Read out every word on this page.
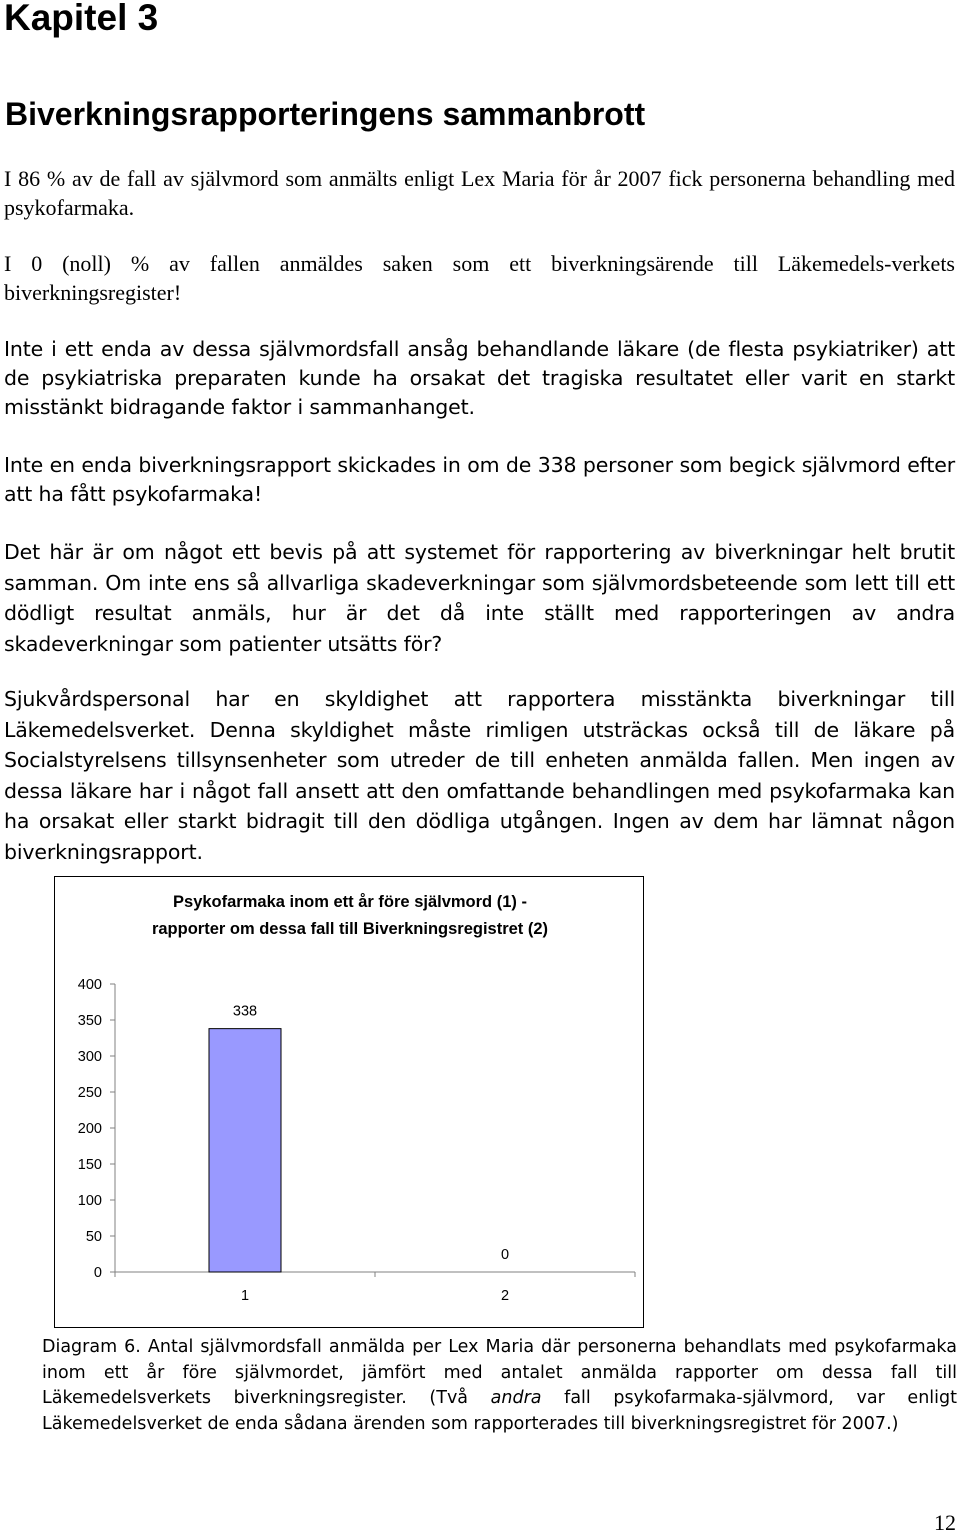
Kapitel 3
Biverkningsrapporteringens sammanbrott

I 86 % av de fall av självmord som anmälts enligt Lex Maria för år 2007 fick personerna behandling med psykofarmaka.

I 0 (noll) % av fallen anmäldes saken som ett biverkningsärende till Läkemedels-verkets biverkningsregister!

Inte i ett enda av dessa självmordsfall ansåg behandlande läkare (de flesta psykiatriker) att de psykiatriska preparaten kunde ha orsakat det tragiska resultatet eller varit en starkt misstänkt bidragande faktor i sammanhanget.

Inte en enda biverkningsrapport skickades in om de 338 personer som begick självmord efter att ha fått psykofarmaka!

Det här är om något ett bevis på att systemet för rapportering av biverkningar helt brutit samman. Om inte ens så allvarliga skadeverkningar som självmordsbeteende som lett till ett dödligt resultat anmäls, hur är det då inte ställt med rapporteringen av andra skadeverkningar som patienter utsätts för?

Sjukvårdspersonal har en skyldighet att rapportera misstänkta biverkningar till Läkemedelsverket. Denna skyldighet måste rimligen utsträckas också till de läkare på Socialstyrelsens tillsynsenheter som utreder de till enheten anmälda fallen. Men ingen av dessa läkare har i något fall ansett att den omfattande behandlingen med psykofarmaka kan ha orsakat eller starkt bidragit till den dödliga utgången. Ingen av dem har lämnat någon biverkningsrapport.

Psykofarmaka inom ett år före självmord (1) -
rapporter om dessa fall till Biverkningsregistret (2)
0
50
100
150
200
250
300
350
400
338
1
0
2

Diagram 6. Antal självmordsfall anmälda per Lex Maria där personerna behandlats med psykofarmaka inom ett år före självmordet, jämfört med antalet anmälda rapporter om dessa fall till Läkemedelsverkets biverkningsregister. (Två andra fall psykofarmaka-självmord, var enligt Läkemedelsverket de enda sådana ärenden som rapporterades till biverkningsregistret för 2007.)

12
